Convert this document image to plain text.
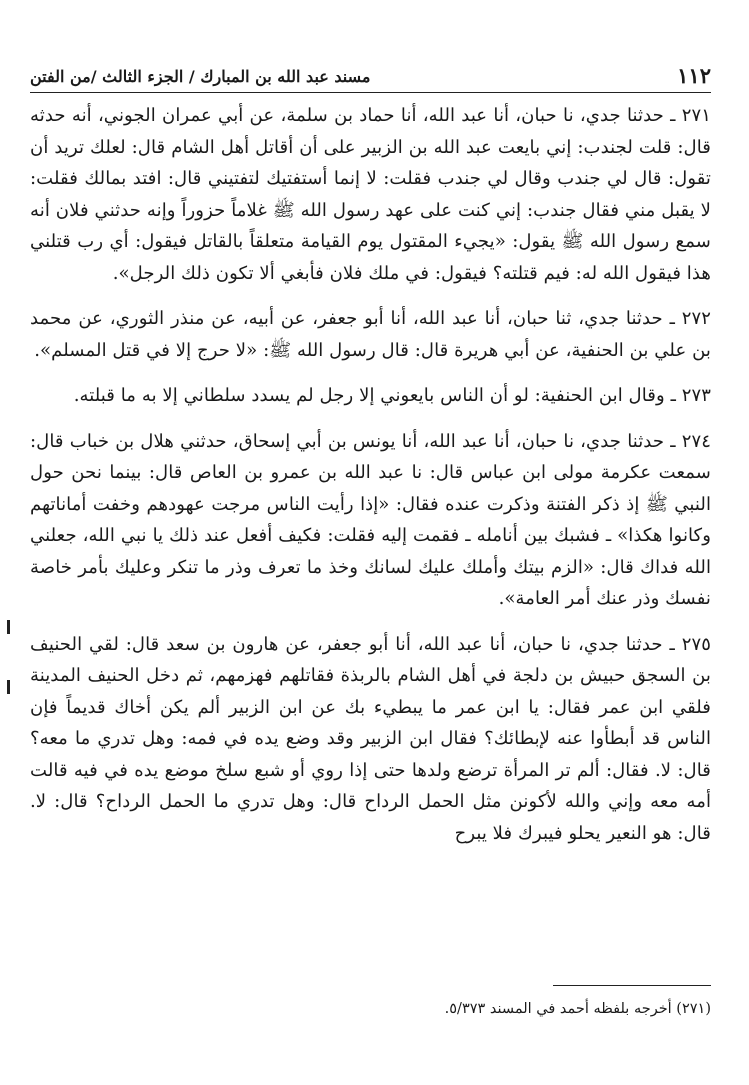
١١٢
مسند عبد الله بن المبارك / الجزء الثالث /من الفتن

٢٧١ ـ حدثنا جدي، نا حبان، أنا عبد الله، أنا حماد بن سلمة، عن أبي عمران الجوني، أنه حدثه قال: قلت لجندب: إني بايعت عبد الله بن الزبير على أن أقاتل أهل الشام قال: لعلك تريد أن تقول: قال لي جندب وقال لي جندب فقلت: لا إنما أستفتيك لتفتيني قال: افتد بمالك فقلت: لا يقبل مني فقال جندب: إني كنت على عهد رسول الله ﷺ غلاماً حزوراً وإنه حدثني فلان أنه سمع رسول الله ﷺ يقول: «يجيء المقتول يوم القيامة متعلقاً بالقاتل فيقول: أي رب قتلني هذا فيقول الله له: فيم قتلته؟ فيقول: في ملك فلان فأبغي ألا تكون ذلك الرجل».

٢٧٢ ـ حدثنا جدي، ثنا حبان، أنا عبد الله، أنا أبو جعفر، عن أبيه، عن منذر الثوري، عن محمد بن علي بن الحنفية، عن أبي هريرة قال: قال رسول الله ﷺ: «لا حرج إلا في قتل المسلم».

٢٧٣ ـ وقال ابن الحنفية: لو أن الناس بايعوني إلا رجل لم يسدد سلطاني إلا به ما قبلته.

٢٧٤ ـ حدثنا جدي، نا حبان، أنا عبد الله، أنا يونس بن أبي إسحاق، حدثني هلال بن خباب قال: سمعت عكرمة مولى ابن عباس قال: نا عبد الله بن عمرو بن العاص قال: بينما نحن حول النبي ﷺ إذ ذكر الفتنة وذكرت عنده فقال: «إذا رأيت الناس مرجت عهودهم وخفت أماناتهم وكانوا هكذا» ـ فشبك بين أنامله ـ فقمت إليه فقلت: فكيف أفعل عند ذلك يا نبي الله، جعلني الله فداك قال: «الزم بيتك وأملك عليك لسانك وخذ ما تعرف وذر ما تنكر وعليك بأمر خاصة نفسك وذر عنك أمر العامة».

٢٧٥ ـ حدثنا جدي، نا حبان، أنا عبد الله، أنا أبو جعفر، عن هارون بن سعد قال: لقي الحنيف بن السجق حبيش بن دلجة في أهل الشام بالربذة فقاتلهم فهزمهم، ثم دخل الحنيف المدينة فلقي ابن عمر فقال: يا ابن عمر ما يبطيء بك عن ابن الزبير ألم يكن أخاك قديماً فإن الناس قد أبطأوا عنه لإبطائك؟ فقال ابن الزبير وقد وضع يده في فمه: وهل تدري ما معه؟قال: لا. فقال: ألم تر المرأة ترضع ولدها حتى إذا روي أو شبع سلخ موضع يده في فيه قالت أمه معه وإني والله لأكونن مثل الحمل الرداح قال: وهل تدري ما الحمل الرداح؟ قال: لا. قال: هو النعير يحلو فيبرك فلا يبرح

(٢٧١) أخرجه بلفظه أحمد في المسند ٥/٣٧٣.
